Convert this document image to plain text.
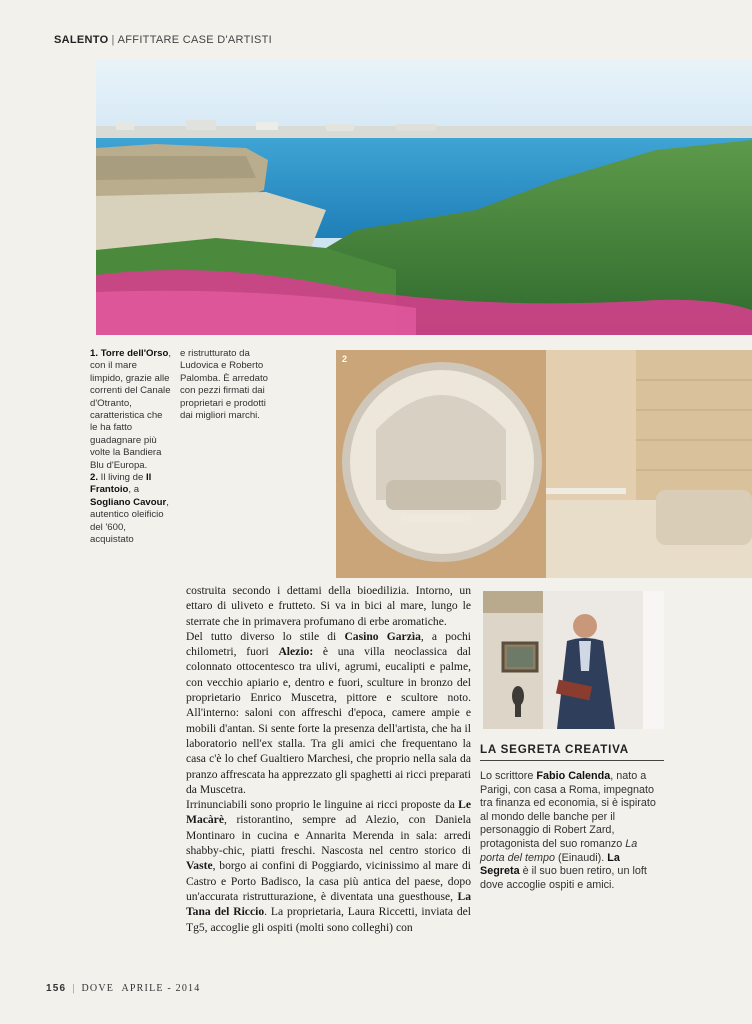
SALENTO | AFFITTARE CASE D'ARTISTI
1. Torre dell'Orso, con il mare limpido, grazie alle correnti del Canale d'Otranto, caratteristica che le ha fatto guadagnare più volte la Bandiera Blu d'Europa.
2. Il living de Il Frantoio, a Sogliano Cavour, autentico oleificio del '600, acquistato
e ristrutturato da Ludovica e Roberto Palomba. È arredato con pezzi firmati dai proprietari e prodotti dai migliori marchi.
2

costruita secondo i dettami della bioedilizia. Intorno, un ettaro di uliveto e frutteto. Si va in bici al mare, lungo le sterrate che in primavera profumano di erbe aromatiche.

Del tutto diverso lo stile di Casino Garzìa, a pochi chilometri, fuori Alezio: è una villa neoclassica dal colonnato ottocentesco tra ulivi, agrumi, eucalipti e palme, con vecchio apiario e, dentro e fuori, sculture in bronzo del proprietario Enrico Muscetra, pittore e scultore noto. All'interno: saloni con affreschi d'epoca, camere ampie e mobili d'antan. Si sente forte la presenza dell'artista, che ha il laboratorio nell'ex stalla. Tra gli amici che frequentano la casa c'è lo chef Gualtiero Marchesi, che proprio nella sala da pranzo affrescata ha apprezzato gli spaghetti ai ricci preparati da Muscetra.

Irrinunciabili sono proprio le linguine ai ricci proposte da Le Macàrè, ristorantino, sempre ad Alezio, con Daniela Montinaro in cucina e Annarita Merenda in sala: arredi shabby-chic, piatti freschi. Nascosta nel centro storico di Vaste, borgo ai confini di Poggiardo, vicinissimo al mare di Castro e Porto Badisco, la casa più antica del paese, dopo un'accurata ristrutturazione, è diventata una guesthouse, La Tana del Riccio. La proprietaria, Laura Riccetti, inviata del Tg5, accoglie gli ospiti (molti sono colleghi) con

LA SEGRETA CREATIVA
Lo scrittore Fabio Calenda, nato a Parigi, con casa a Roma, impegnato tra finanza ed economia, si è ispirato al mondo delle banche per il personaggio di Robert Zard, protagonista del suo romanzo La porta del tempo (Einaudi). La Segreta è il suo buen retiro, un loft dove accoglie ospiti e amici.
156 | DOVE APRILE - 2014
